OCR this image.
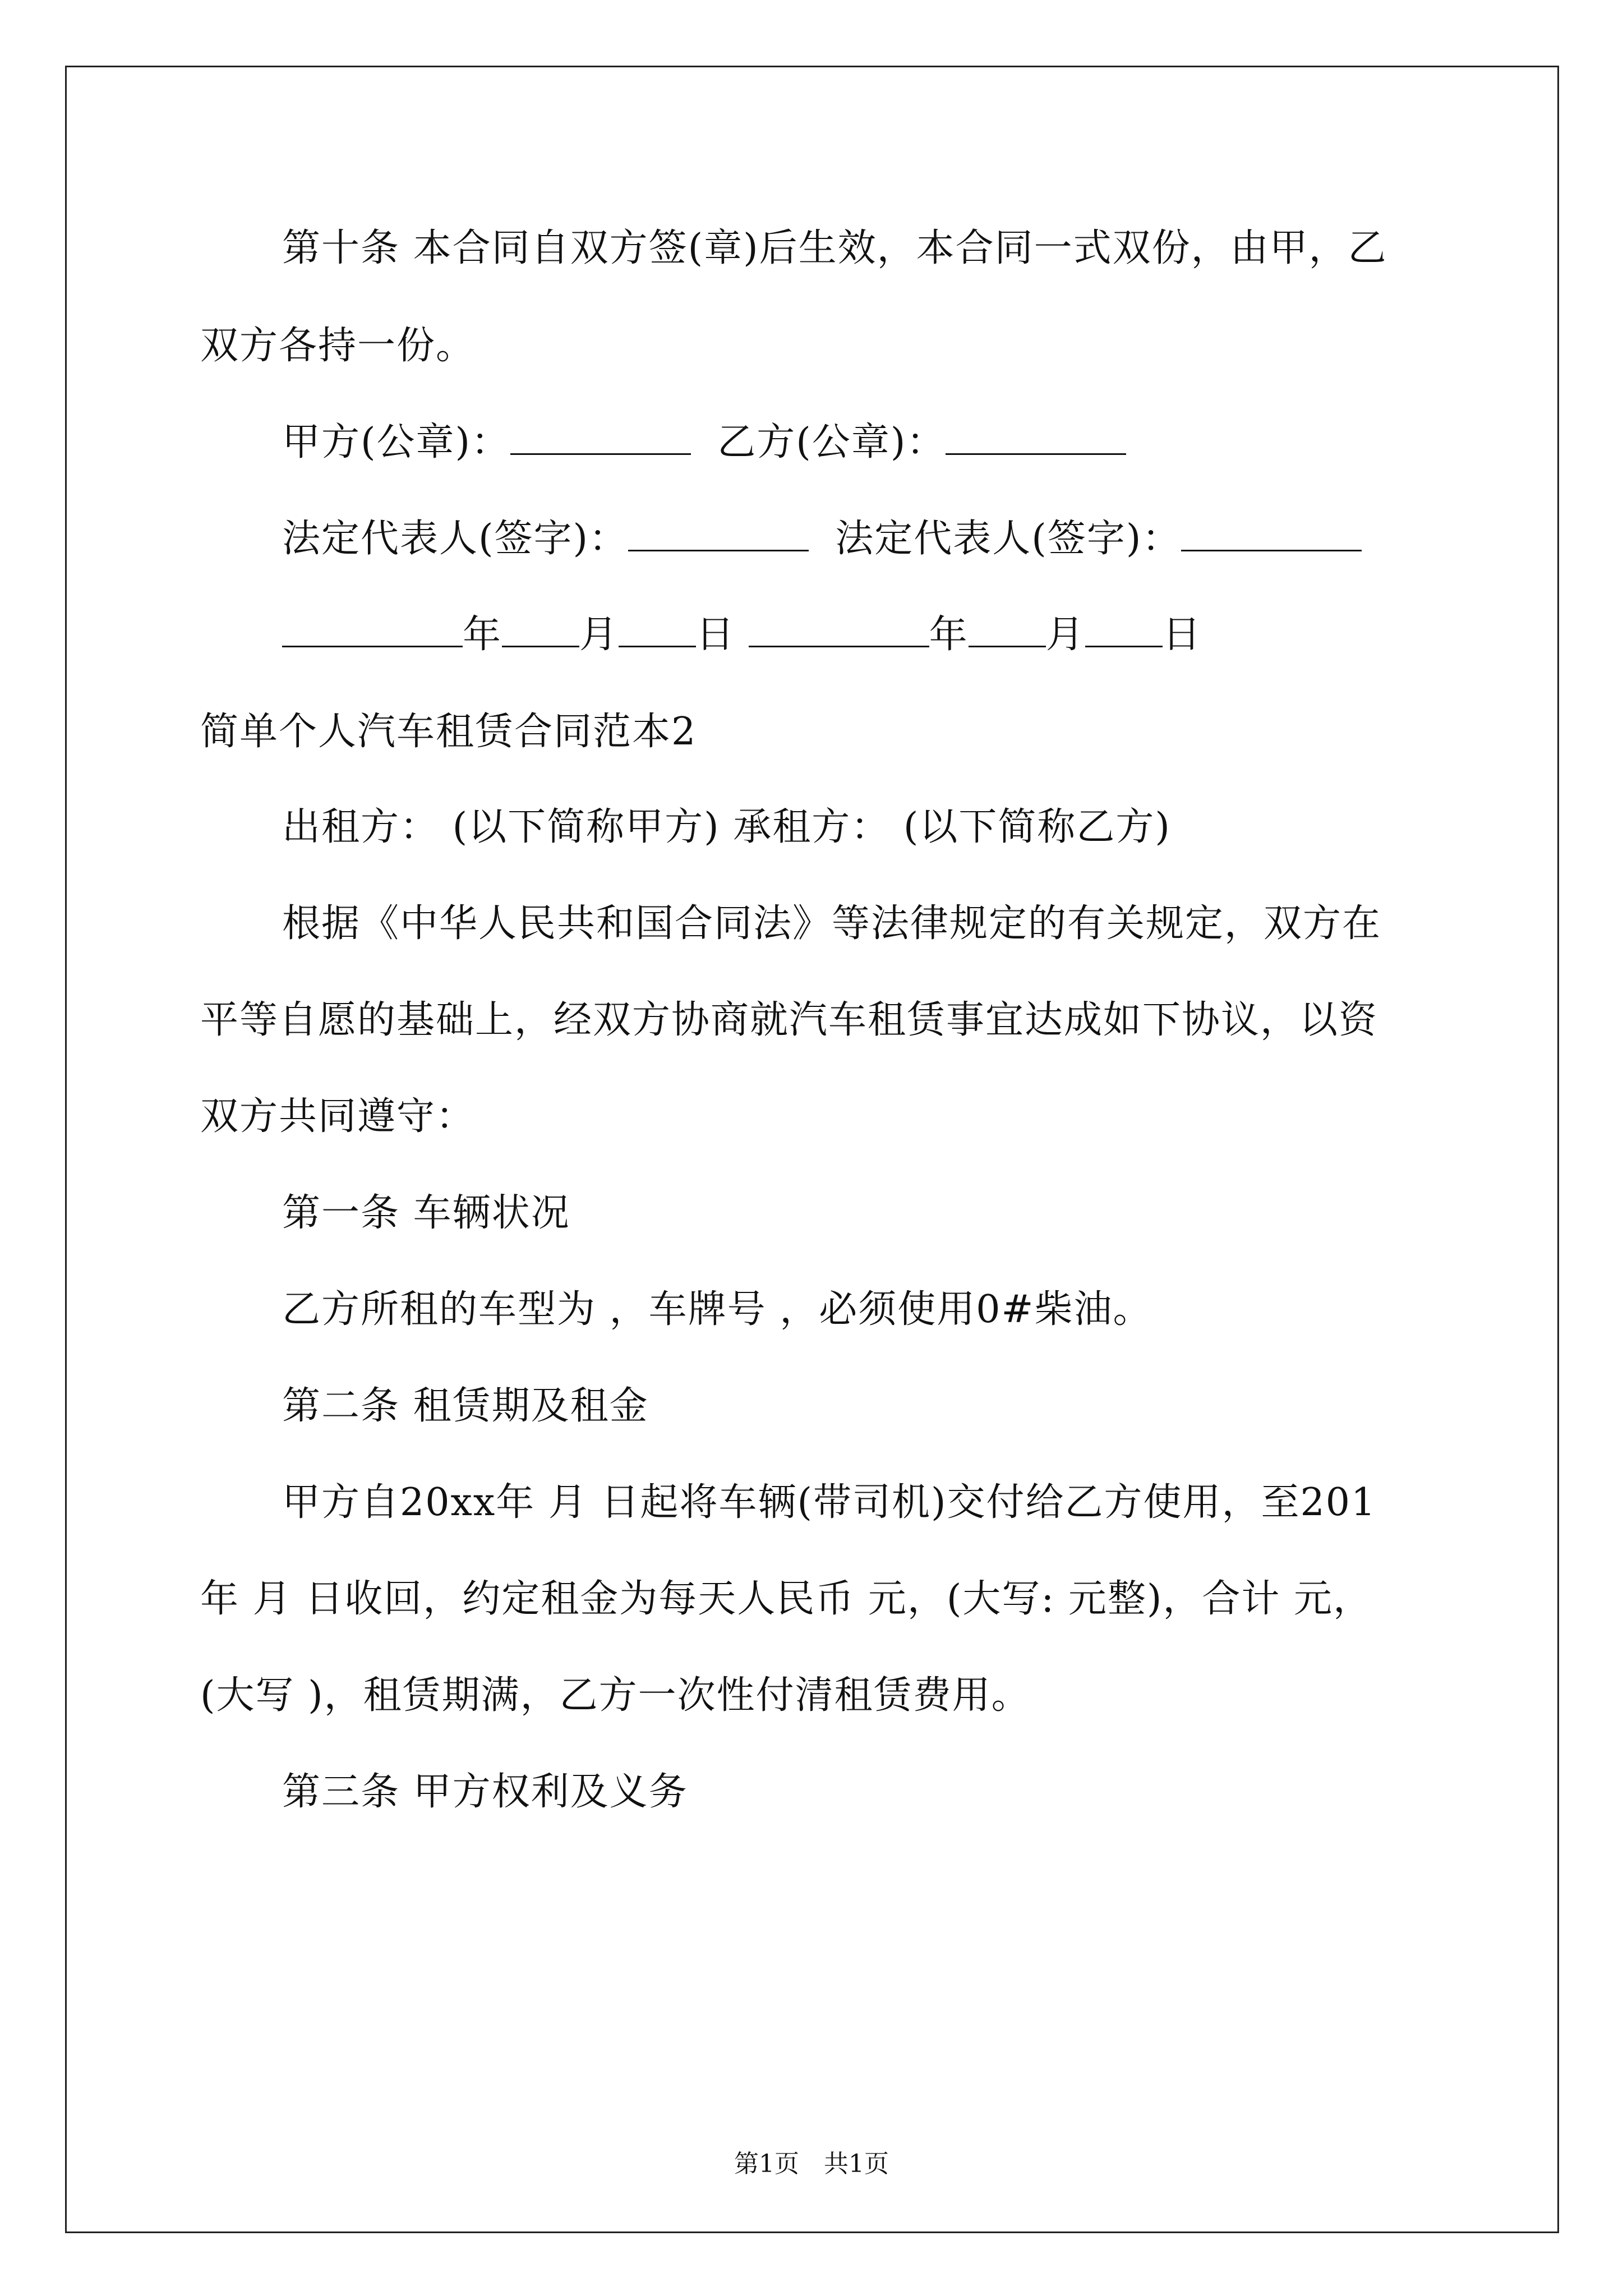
第十条 本合同自双方签(章)后生效，本合同一式双份，由甲，乙
双方各持一份。
甲方(公章)：	乙方(公章)：
法定代表人(签字)：	法定代表人(签字)：
年 月 日	年 月 日
简单个人汽车租赁合同范本2
出租方： (以下简称甲方) 承租方： (以下简称乙方)
根据《中华人民共和国合同法》等法律规定的有关规定，双方在
平等自愿的基础上，经双方协商就汽车租赁事宜达成如下协议，以资
双方共同遵守：
第一条 车辆状况
乙方所租的车型为 ，车牌号 ，必须使用0#柴油。
第二条 租赁期及租金
甲方自20xx年 月 日起将车辆(带司机)交付给乙方使用，至201
年 月 日收回，约定租金为每天人民币 元，(大写: 元整)，合计 元，
(大写 )，租赁期满，乙方一次性付清租赁费用。
第三条 甲方权利及义务
第1页　共1页
